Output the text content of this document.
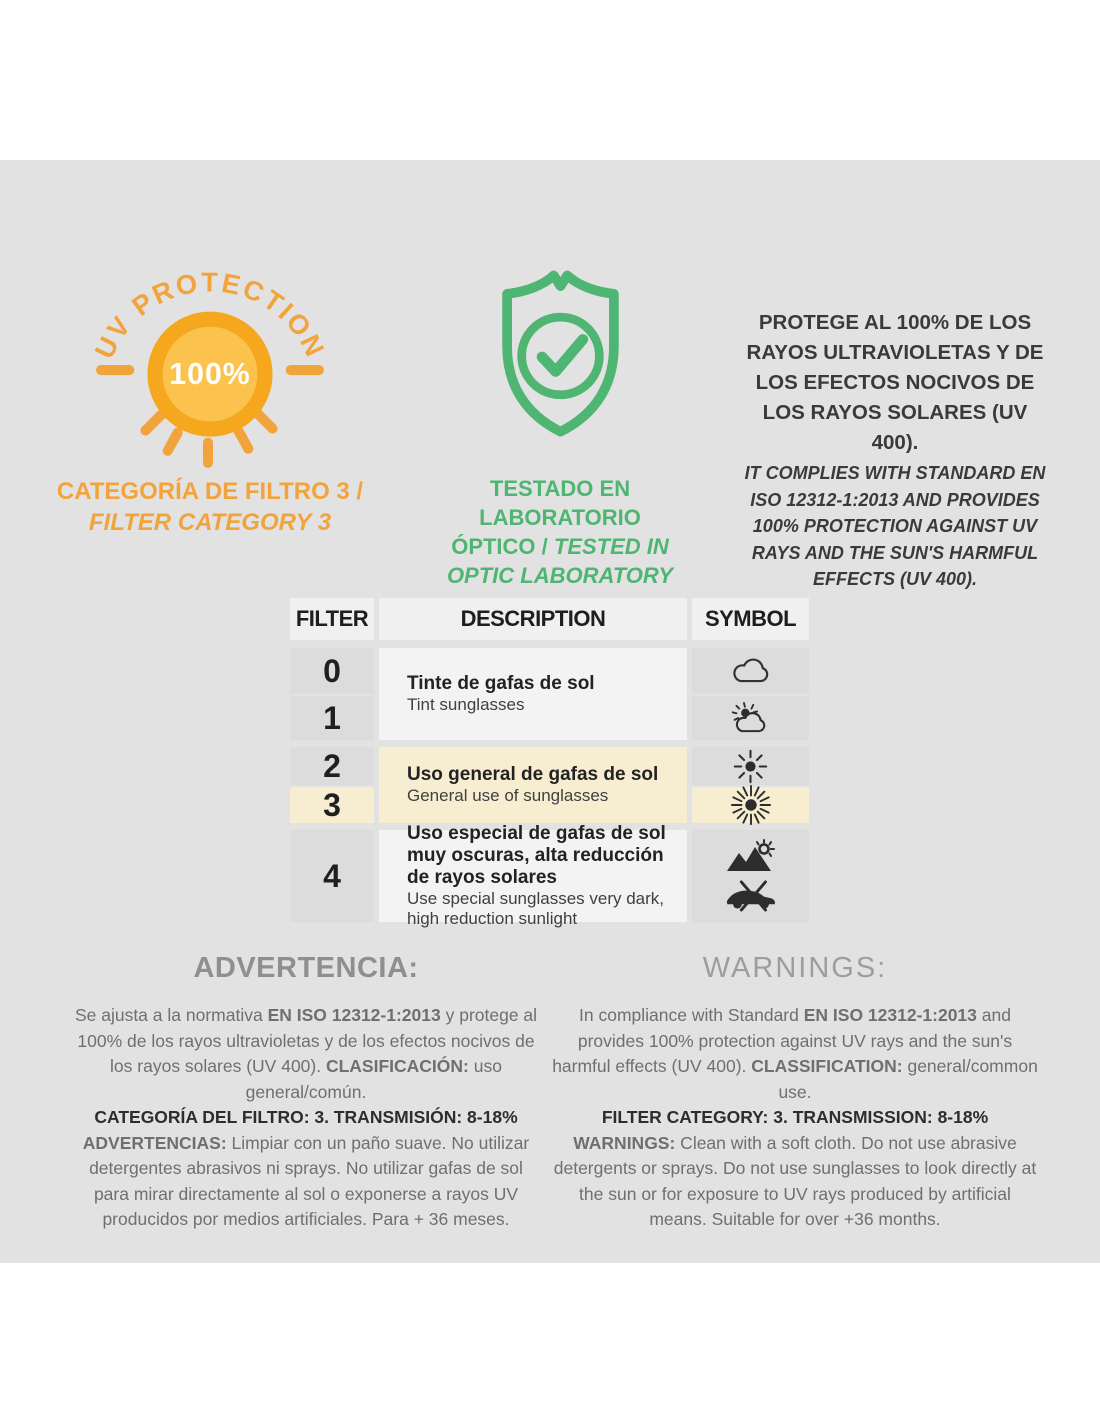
100%
UV PROTECTION
CATEGORÍA DE FILTRO 3 /
FILTER CATEGORY 3
TESTADO EN LABORATORIO
ÓPTICO / TESTED IN
OPTIC LABORATORY
PROTEGE AL 100% DE LOS RAYOS ULTRAVIOLETAS Y DE LOS EFECTOS NOCIVOS DE LOS RAYOS SOLARES (UV 400).
IT COMPLIES WITH STANDARD EN ISO 12312-1:2013 AND PROVIDES 100% PROTECTION AGAINST UV RAYS AND THE SUN'S HARMFUL EFFECTS (UV 400).
FILTER	DESCRIPTION	SYMBOL
0
1
Tinte de gafas de sol
Tint sunglasses
2
3
Uso general de gafas de sol
General use of sunglasses
4
Uso especial de gafas de sol muy oscuras, alta reducción de rayos solares
Use special sunglasses very dark, high reduction sunlight
ADVERTENCIA:
Se ajusta a la normativa EN ISO 12312-1:2013 y protege al 100% de los rayos ultravioletas y de los efectos nocivos de los rayos solares (UV 400). CLASIFICACIÓN: uso general/común.
CATEGORÍA DEL FILTRO: 3. TRANSMISIÓN: 8-18%
ADVERTENCIAS: Limpiar con un paño suave. No utilizar detergentes abrasivos ni sprays. No utilizar gafas de sol para mirar directamente al sol o exponerse a rayos UV producidos por medios artificiales. Para + 36 meses.
WARNINGS:
In compliance with Standard EN ISO 12312-1:2013 and provides 100% protection against UV rays and the sun's harmful effects (UV 400). CLASSIFICATION: general/common use.
FILTER CATEGORY: 3. TRANSMISSION: 8-18%
WARNINGS: Clean with a soft cloth. Do not use abrasive detergents or sprays. Do not use sunglasses to look directly at the sun or for exposure to UV rays produced by artificial means. Suitable for over +36 months.
